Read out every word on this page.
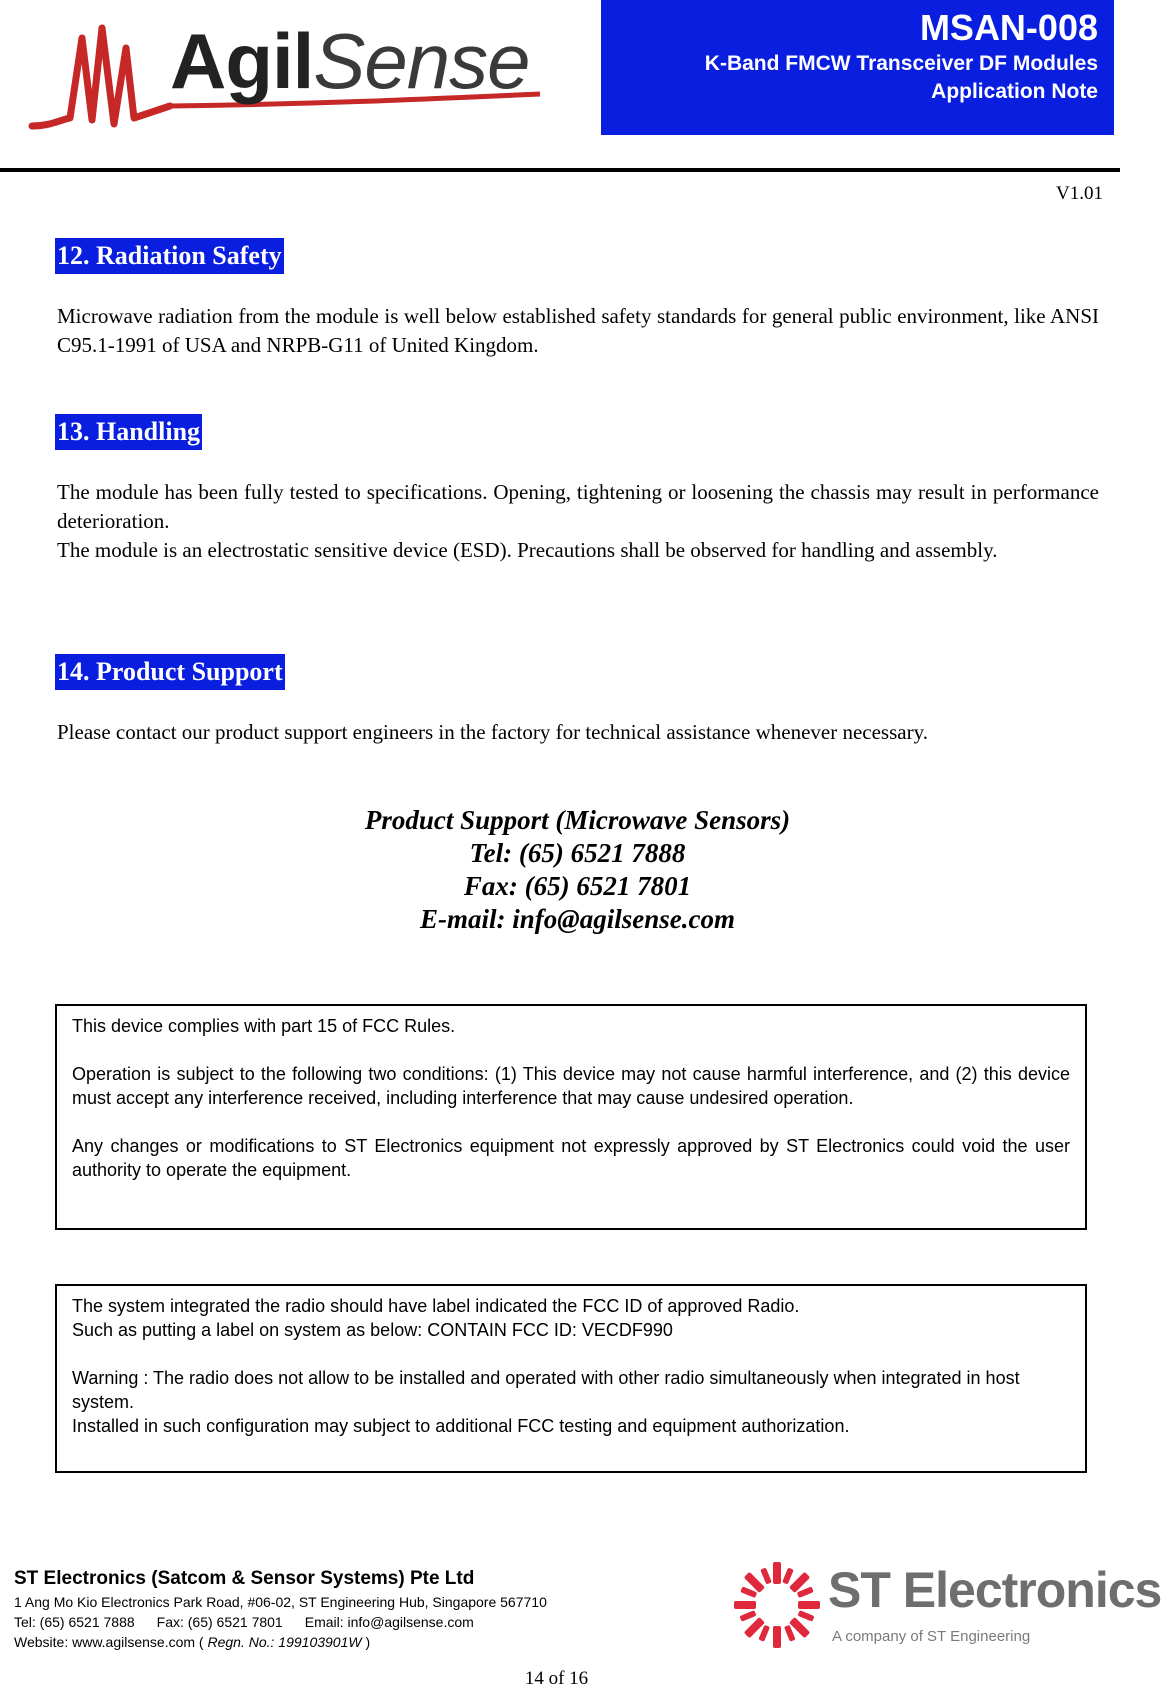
AgilSense	MSAN-008
K-Band FMCW Transceiver DF Modules
Application Note
V1.01
12. Radiation Safety
Microwave radiation from the module is well below established safety standards for general public environment, like ANSI C95.1-1991 of USA and NRPB-G11 of United Kingdom.
13. Handling
The module has been fully tested to specifications. Opening, tightening or loosening the chassis may result in performance deterioration.
The module is an electrostatic sensitive device (ESD). Precautions shall be observed for handling and assembly.
14. Product Support
Please contact our product support engineers in the factory for technical assistance whenever necessary.
Product Support (Microwave Sensors)
Tel: (65) 6521 7888
Fax: (65) 6521 7801
E-mail: info@agilsense.com

This device complies with part 15 of FCC Rules.

Operation is subject to the following two conditions: (1) This device may not cause harmful interference, and (2) this device must accept any interference received, including interference that may cause undesired operation.

Any changes or modifications to ST Electronics equipment not expressly approved by ST Electronics could void the user authority to operate the equipment.

The system integrated the radio should have label indicated the FCC ID of approved Radio.

Such as putting a label on system as below: CONTAIN FCC ID: VECDF990

Warning : The radio does not allow to be installed and operated with other radio simultaneously when integrated in host system.

Installed in such configuration may subject to additional FCC testing and equipment authorization.

ST Electronics (Satcom & Sensor Systems) Pte Ltd
1 Ang Mo Kio Electronics Park Road, #06-02, ST Engineering Hub, Singapore 567710
Tel: (65) 6521 7888 Fax: (65) 6521 7801 Email: info@agilsense.com
Website: www.agilsense.com ( Regn. No.: 199103901W )
ST Electronics
A company of ST Engineering
14 of 16
